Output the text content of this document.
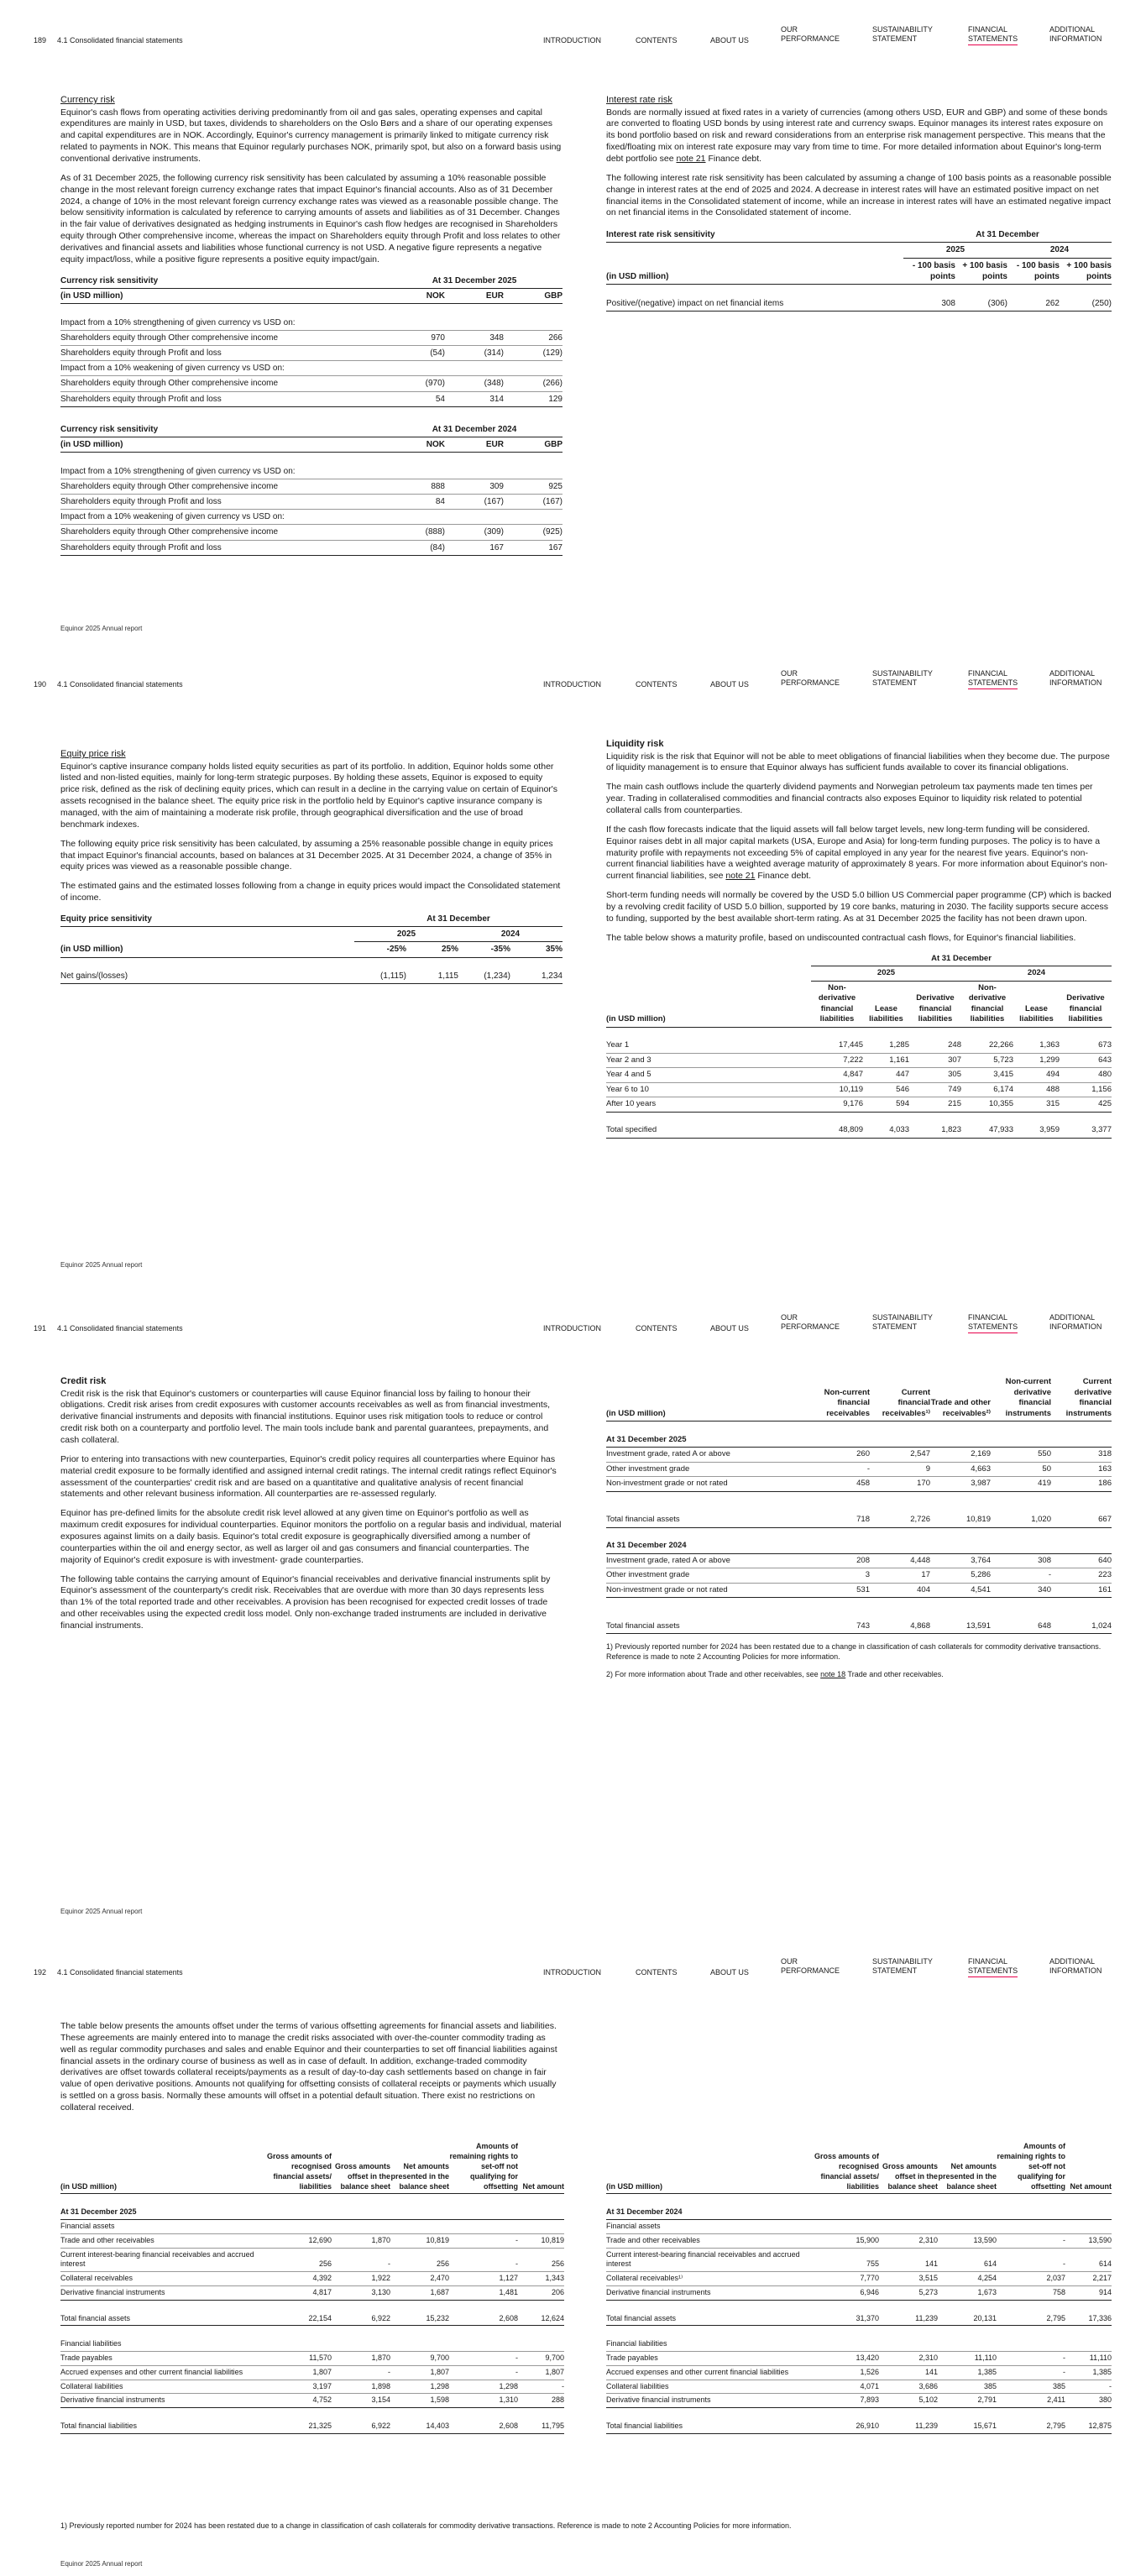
189 4.1 Consolidated financial statements	INTRODUCTION	CONTENTS	ABOUT US
OUR
PERFORMANCE
SUSTAINABILITY
STATEMENT
FINANCIAL
STATEMENTS
ADDITIONAL
INFORMATION
Currency risk

Equinor's cash flows from operating activities deriving predominantly from oil and gas sales, operating expenses and capital expenditures are mainly in USD, but taxes, dividends to shareholders on the Oslo Børs and a share of our operating expenses and capital expenditures are in NOK. Accordingly, Equinor's currency management is primarily linked to mitigate currency risk related to payments in NOK. This means that Equinor regularly purchases NOK, primarily spot, but also on a forward basis using conventional derivative instruments.

As of 31 December 2025, the following currency risk sensitivity has been calculated by assuming a 10% reasonable possible change in the most relevant foreign currency exchange rates that impact Equinor's financial accounts. Also as of 31 December 2024, a change of 10% in the most relevant foreign currency exchange rates was viewed as a reasonable possible change. The below sensitivity information is calculated by reference to carrying amounts of assets and liabilities as of 31 December. Changes in the fair value of derivatives designated as hedging instruments in Equinor's cash flow hedges are recognised in Shareholders equity through Other comprehensive income, whereas the impact on Shareholders equity through Profit and loss relates to other derivatives and financial assets and liabilities whose functional currency is not USD. A negative figure represents a negative equity impact/loss, while a positive figure represents a positive equity impact/gain.

Currency risk sensitivity	At 31 December 2025		
(in USD million)	NOK	EUR	GBP

Impact from a 10% strengthening of given currency vs USD on:			
Shareholders equity through Other comprehensive income	970	348	266
Shareholders equity through Profit and loss	(54)	(314)	(129)
Impact from a 10% weakening of given currency vs USD on:			
Shareholders equity through Other comprehensive income	(970)	(348)	(266)
Shareholders equity through Profit and loss	54	314	129
Currency risk sensitivity	At 31 December 2024		
(in USD million)	NOK	EUR	GBP

Impact from a 10% strengthening of given currency vs USD on:			
Shareholders equity through Other comprehensive income	888	309	925
Shareholders equity through Profit and loss	84	(167)	(167)
Impact from a 10% weakening of given currency vs USD on:			
Shareholders equity through Other comprehensive income	(888)	(309)	(925)
Shareholders equity through Profit and loss	(84)	167	167
Interest rate risk

Bonds are normally issued at fixed rates in a variety of currencies (among others USD, EUR and GBP) and some of these bonds are converted to floating USD bonds by using interest rate and currency swaps. Equinor manages its interest rates exposure on its bond portfolio based on risk and reward considerations from an enterprise risk management perspective. This means that the fixed/floating mix on interest rate exposure may vary from time to time. For more detailed information about Equinor's long-term debt portfolio see note 21 Finance debt.

The following interest rate risk sensitivity has been calculated by assuming a change of 100 basis points as a reasonable possible change in interest rates at the end of 2025 and 2024. A decrease in interest rates will have an estimated positive impact on net financial items in the Consolidated statement of income, while an increase in interest rates will have an estimated negative impact on net financial items in the Consolidated statement of income.

Interest rate risk sensitivity	At 31 December			
	2025		2024	
(in USD million)	- 100 basis points	+ 100 basis points	- 100 basis points	+ 100 basis points

Positive/(negative) impact on net financial items	308	(306)	262	(250)
Equinor 2025 Annual report
190 4.1 Consolidated financial statements	INTRODUCTION	CONTENTS	ABOUT US
OUR
PERFORMANCE
SUSTAINABILITY
STATEMENT
FINANCIAL
STATEMENTS
ADDITIONAL
INFORMATION
Equity price risk

Equinor's captive insurance company holds listed equity securities as part of its portfolio. In addition, Equinor holds some other listed and non-listed equities, mainly for long-term strategic purposes. By holding these assets, Equinor is exposed to equity price risk, defined as the risk of declining equity prices, which can result in a decline in the carrying value on certain of Equinor's assets recognised in the balance sheet. The equity price risk in the portfolio held by Equinor's captive insurance company is managed, with the aim of maintaining a moderate risk profile, through geographical diversification and the use of broad benchmark indexes.

The following equity price risk sensitivity has been calculated, by assuming a 25% reasonable possible change in equity prices that impact Equinor's financial accounts, based on balances at 31 December 2025. At 31 December 2024, a change of 35% in equity prices was viewed as a reasonable possible change.

The estimated gains and the estimated losses following from a change in equity prices would impact the Consolidated statement of income.

Equity price sensitivity	At 31 December			
	2025		2024	
(in USD million)	-25%	25%	-35%	35%

Net gains/(losses)	(1,115)	1,115	(1,234)	1,234
Liquidity risk

Liquidity risk is the risk that Equinor will not be able to meet obligations of financial liabilities when they become due. The purpose of liquidity management is to ensure that Equinor always has sufficient funds available to cover its financial obligations.

The main cash outflows include the quarterly dividend payments and Norwegian petroleum tax payments made ten times per year. Trading in collateralised commodities and financial contracts also exposes Equinor to liquidity risk related to potential collateral calls from counterparties.

If the cash flow forecasts indicate that the liquid assets will fall below target levels, new long-term funding will be considered. Equinor raises debt in all major capital markets (USA, Europe and Asia) for long-term funding purposes. The policy is to have a maturity profile with repayments not exceeding 5% of capital employed in any year for the nearest five years. Equinor's non- current financial liabilities have a weighted average maturity of approximately 8 years. For more information about Equinor's non-current financial liabilities, see note 21 Finance debt.

Short-term funding needs will normally be covered by the USD 5.0 billion US Commercial paper programme (CP) which is backed by a revolving credit facility of USD 5.0 billion, supported by 19 core banks, maturing in 2030. The facility supports secure access to funding, supported by the best available short-term rating. As at 31 December 2025 the facility has not been drawn upon.

The table below shows a maturity profile, based on undiscounted contractual cash flows, for Equinor's financial liabilities.

	At 31 December					
	2025			2024		
(in USD million)	Non-derivative financial liabilities	Lease liabilities	Derivative financial liabilities	Non-derivative financial liabilities	Lease liabilities	Derivative financial liabilities

Year 1	17,445	1,285	248	22,266	1,363	673
Year 2 and 3	7,222	1,161	307	5,723	1,299	643
Year 4 and 5	4,847	447	305	3,415	494	480
Year 6 to 10	10,119	546	749	6,174	488	1,156
After 10 years	9,176	594	215	10,355	315	425

Total specified	48,809	4,033	1,823	47,933	3,959	3,377
Equinor 2025 Annual report
191 4.1 Consolidated financial statements	INTRODUCTION	CONTENTS	ABOUT US
OUR
PERFORMANCE
SUSTAINABILITY
STATEMENT
FINANCIAL
STATEMENTS
ADDITIONAL
INFORMATION
Credit risk

Credit risk is the risk that Equinor's customers or counterparties will cause Equinor financial loss by failing to honour their obligations. Credit risk arises from credit exposures with customer accounts receivables as well as from financial investments, derivative financial instruments and deposits with financial institutions. Equinor uses risk mitigation tools to reduce or control credit risk both on a counterparty and portfolio level. The main tools include bank and parental guarantees, prepayments, and cash collateral.

Prior to entering into transactions with new counterparties, Equinor's credit policy requires all counterparties where Equinor has material credit exposure to be formally identified and assigned internal credit ratings. The internal credit ratings reflect Equinor's assessment of the counterparties' credit risk and are based on a quantitative and qualitative analysis of recent financial statements and other relevant business information. All counterparties are re-assessed regularly.

Equinor has pre-defined limits for the absolute credit risk level allowed at any given time on Equinor's portfolio as well as maximum credit exposures for individual counterparties. Equinor monitors the portfolio on a regular basis and individual, material exposures against limits on a daily basis. Equinor's total credit exposure is geographically diversified among a number of counterparties within the oil and energy sector, as well as larger oil and gas consumers and financial counterparties. The majority of Equinor's credit exposure is with investment- grade counterparties.

The following table contains the carrying amount of Equinor's financial receivables and derivative financial instruments split by Equinor's assessment of the counterparty's credit risk. Receivables that are overdue with more than 30 days represents less than 1% of the total reported trade and other receivables. A provision has been recognised for expected credit losses of trade and other receivables using the expected credit loss model. Only non-exchange traded instruments are included in derivative financial instruments.

(in USD million)	Non-current financial receivables	Current financial receivables¹⁾	Trade and other receivables²⁾	Non-current derivative financial instruments	Current derivative financial instruments

At 31 December 2025					
Investment grade, rated A or above	260	2,547	2,169	550	318
Other investment grade	-	9	4,663	50	163
Non-investment grade or not rated	458	170	3,987	419	186

Total financial assets	718	2,726	10,819	1,020	667

At 31 December 2024					
Investment grade, rated A or above	208	4,448	3,764	308	640
Other investment grade	3	17	5,286	-	223
Non-investment grade or not rated	531	404	4,541	340	161

Total financial assets	743	4,868	13,591	648	1,024

1) Previously reported number for 2024 has been restated due to a change in classification of cash collaterals for commodity derivative transactions. Reference is made to note 2 Accounting Policies for more information.

2) For more information about Trade and other receivables, see note 18 Trade and other receivables.

Equinor 2025 Annual report
192 4.1 Consolidated financial statements	INTRODUCTION	CONTENTS	ABOUT US
OUR
PERFORMANCE
SUSTAINABILITY
STATEMENT
FINANCIAL
STATEMENTS
ADDITIONAL
INFORMATION

The table below presents the amounts offset under the terms of various offsetting agreements for financial assets and liabilities. These agreements are mainly entered into to manage the credit risks associated with over-the-counter commodity trading as well as regular commodity purchases and sales and enable Equinor and their counterparties to set off financial liabilities against financial assets in the ordinary course of business as well as in case of default. In addition, exchange-traded commodity derivatives are offset towards collateral receipts/payments as a result of day-to-day cash settlements based on change in fair value of open derivative positions. Amounts not qualifying for offsetting consists of collateral receipts or payments which usually is settled on a gross basis. Normally these amounts will offset in a potential default situation. There exist no restrictions on collateral received.

(in USD million)	Gross amounts of recognised financial assets/ liabilities	Gross amounts offset in the balance sheet	Net amounts presented in the balance sheet	Amounts of remaining rights to set-off not qualifying for offsetting	Net amount

At 31 December 2025					
Financial assets					
Trade and other receivables	12,690	1,870	10,819	-	10,819
Current interest-bearing financial receivables and accrued interest	256	-	256	-	256
Collateral receivables	4,392	1,922	2,470	1,127	1,343
Derivative financial instruments	4,817	3,130	1,687	1,481	206

Total financial assets	22,154	6,922	15,232	2,608	12,624

Financial liabilities					
Trade payables	11,570	1,870	9,700	-	9,700
Accrued expenses and other current financial liabilities	1,807	-	1,807	-	1,807
Collateral liabilities	3,197	1,898	1,298	1,298	-
Derivative financial instruments	4,752	3,154	1,598	1,310	288

Total financial liabilities	21,325	6,922	14,403	2,608	11,795
(in USD million)	Gross amounts of recognised financial assets/ liabilities	Gross amounts offset in the balance sheet	Net amounts presented in the balance sheet	Amounts of remaining rights to set-off not qualifying for offsetting	Net amount

At 31 December 2024					
Financial assets					
Trade and other receivables	15,900	2,310	13,590	-	13,590
Current interest-bearing financial receivables and accrued interest	755	141	614	-	614
Collateral receivables¹⁾	7,770	3,515	4,254	2,037	2,217
Derivative financial instruments	6,946	5,273	1,673	758	914

Total financial assets	31,370	11,239	20,131	2,795	17,336

Financial liabilities					
Trade payables	13,420	2,310	11,110	-	11,110
Accrued expenses and other current financial liabilities	1,526	141	1,385	-	1,385
Collateral liabilities	4,071	3,686	385	385	-
Derivative financial instruments	7,893	5,102	2,791	2,411	380

Total financial liabilities	26,910	11,239	15,671	2,795	12,875
1) Previously reported number for 2024 has been restated due to a change in classification of cash collaterals for commodity derivative transactions. Reference is made to note 2 Accounting Policies for more information.
Equinor 2025 Annual report
